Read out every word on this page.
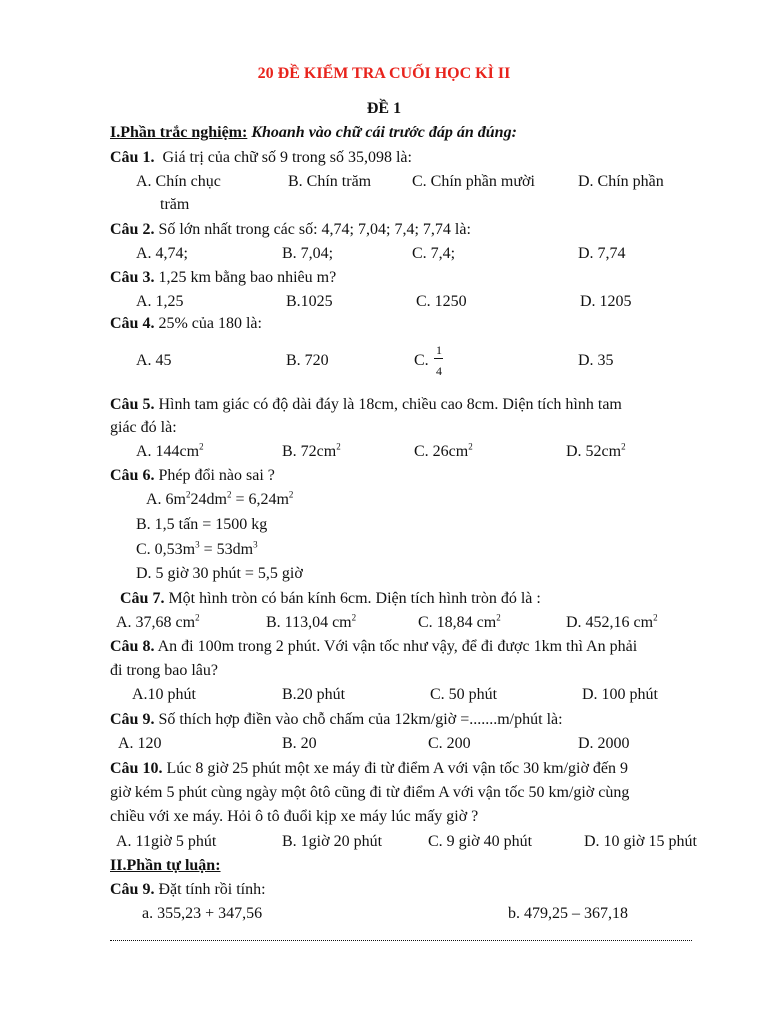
20 ĐỀ KIỂM TRA CUỐI HỌC KÌ II
ĐỀ 1
I.Phần trắc nghiệm: Khoanh vào chữ cái trước đáp án đúng:
Câu 1. Giá trị của chữ số 9 trong số 35,098 là:
A. Chín chục	B. Chín trăm	C. Chín phần mười	D. Chín phần
trăm
Câu 2. Số lớn nhất trong các số: 4,74; 7,04; 7,4; 7,74 là:
A. 4,74;	B. 7,04;	C. 7,4;	D. 7,74
Câu 3. 1,25 km bằng bao nhiêu m?
A. 1,25	B.1025	C. 1250	D. 1205
Câu 4. 25% của 180 là:
A. 45	B. 720	C.
1
4
D. 35
Câu 5. Hình tam giác có độ dài đáy là 18cm, chiều cao 8cm. Diện tích hình tam
giác đó là:
A. $144cm^2$	B. $72cm^2$	C. $26cm^2$	D. $52cm^2$
Câu 6. Phép đổi nào sai ?
A. $6m^224dm^2 = 6,24m^2$
B. 1,5 tấn = 1500 kg
C. $0,53m^3 = 53dm^3$
D. 5 giờ 30 phút = 5,5 giờ
Câu 7. Một hình tròn có bán kính 6cm. Diện tích hình tròn đó là :
A. 37,68 $cm^2$	B. 113,04 $cm^2$	C. 18,84 $cm^2$	D. 452,16 $cm^2$
Câu 8. An đi 100m trong 2 phút. Với vận tốc như vậy, để đi được 1km thì An phải
đi trong bao lâu?
A.10 phút	B.20 phút	C. 50 phút	D. 100 phút
Câu 9. Số thích hợp điền vào chỗ chấm của 12km/giờ =.......m/phút là:
A. 120	B. 20	C. 200	D. 2000
Câu 10. Lúc 8 giờ 25 phút một xe máy đi từ điểm A với vận tốc 30 km/giờ đến 9
giờ kém 5 phút cùng ngày một ôtô cũng đi từ điểm A với vận tốc 50 km/giờ cùng
chiều với xe máy. Hỏi ô tô đuổi kịp xe máy lúc mấy giờ ?
A. 11giờ 5 phút	B. 1giờ 20 phút	C. 9 giờ 40 phút	D. 10 giờ 15 phút
II.Phần tự luận:
Câu 9. Đặt tính rồi tính:
a. 355,23 + 347,56	b. 479,25 – 367,18
